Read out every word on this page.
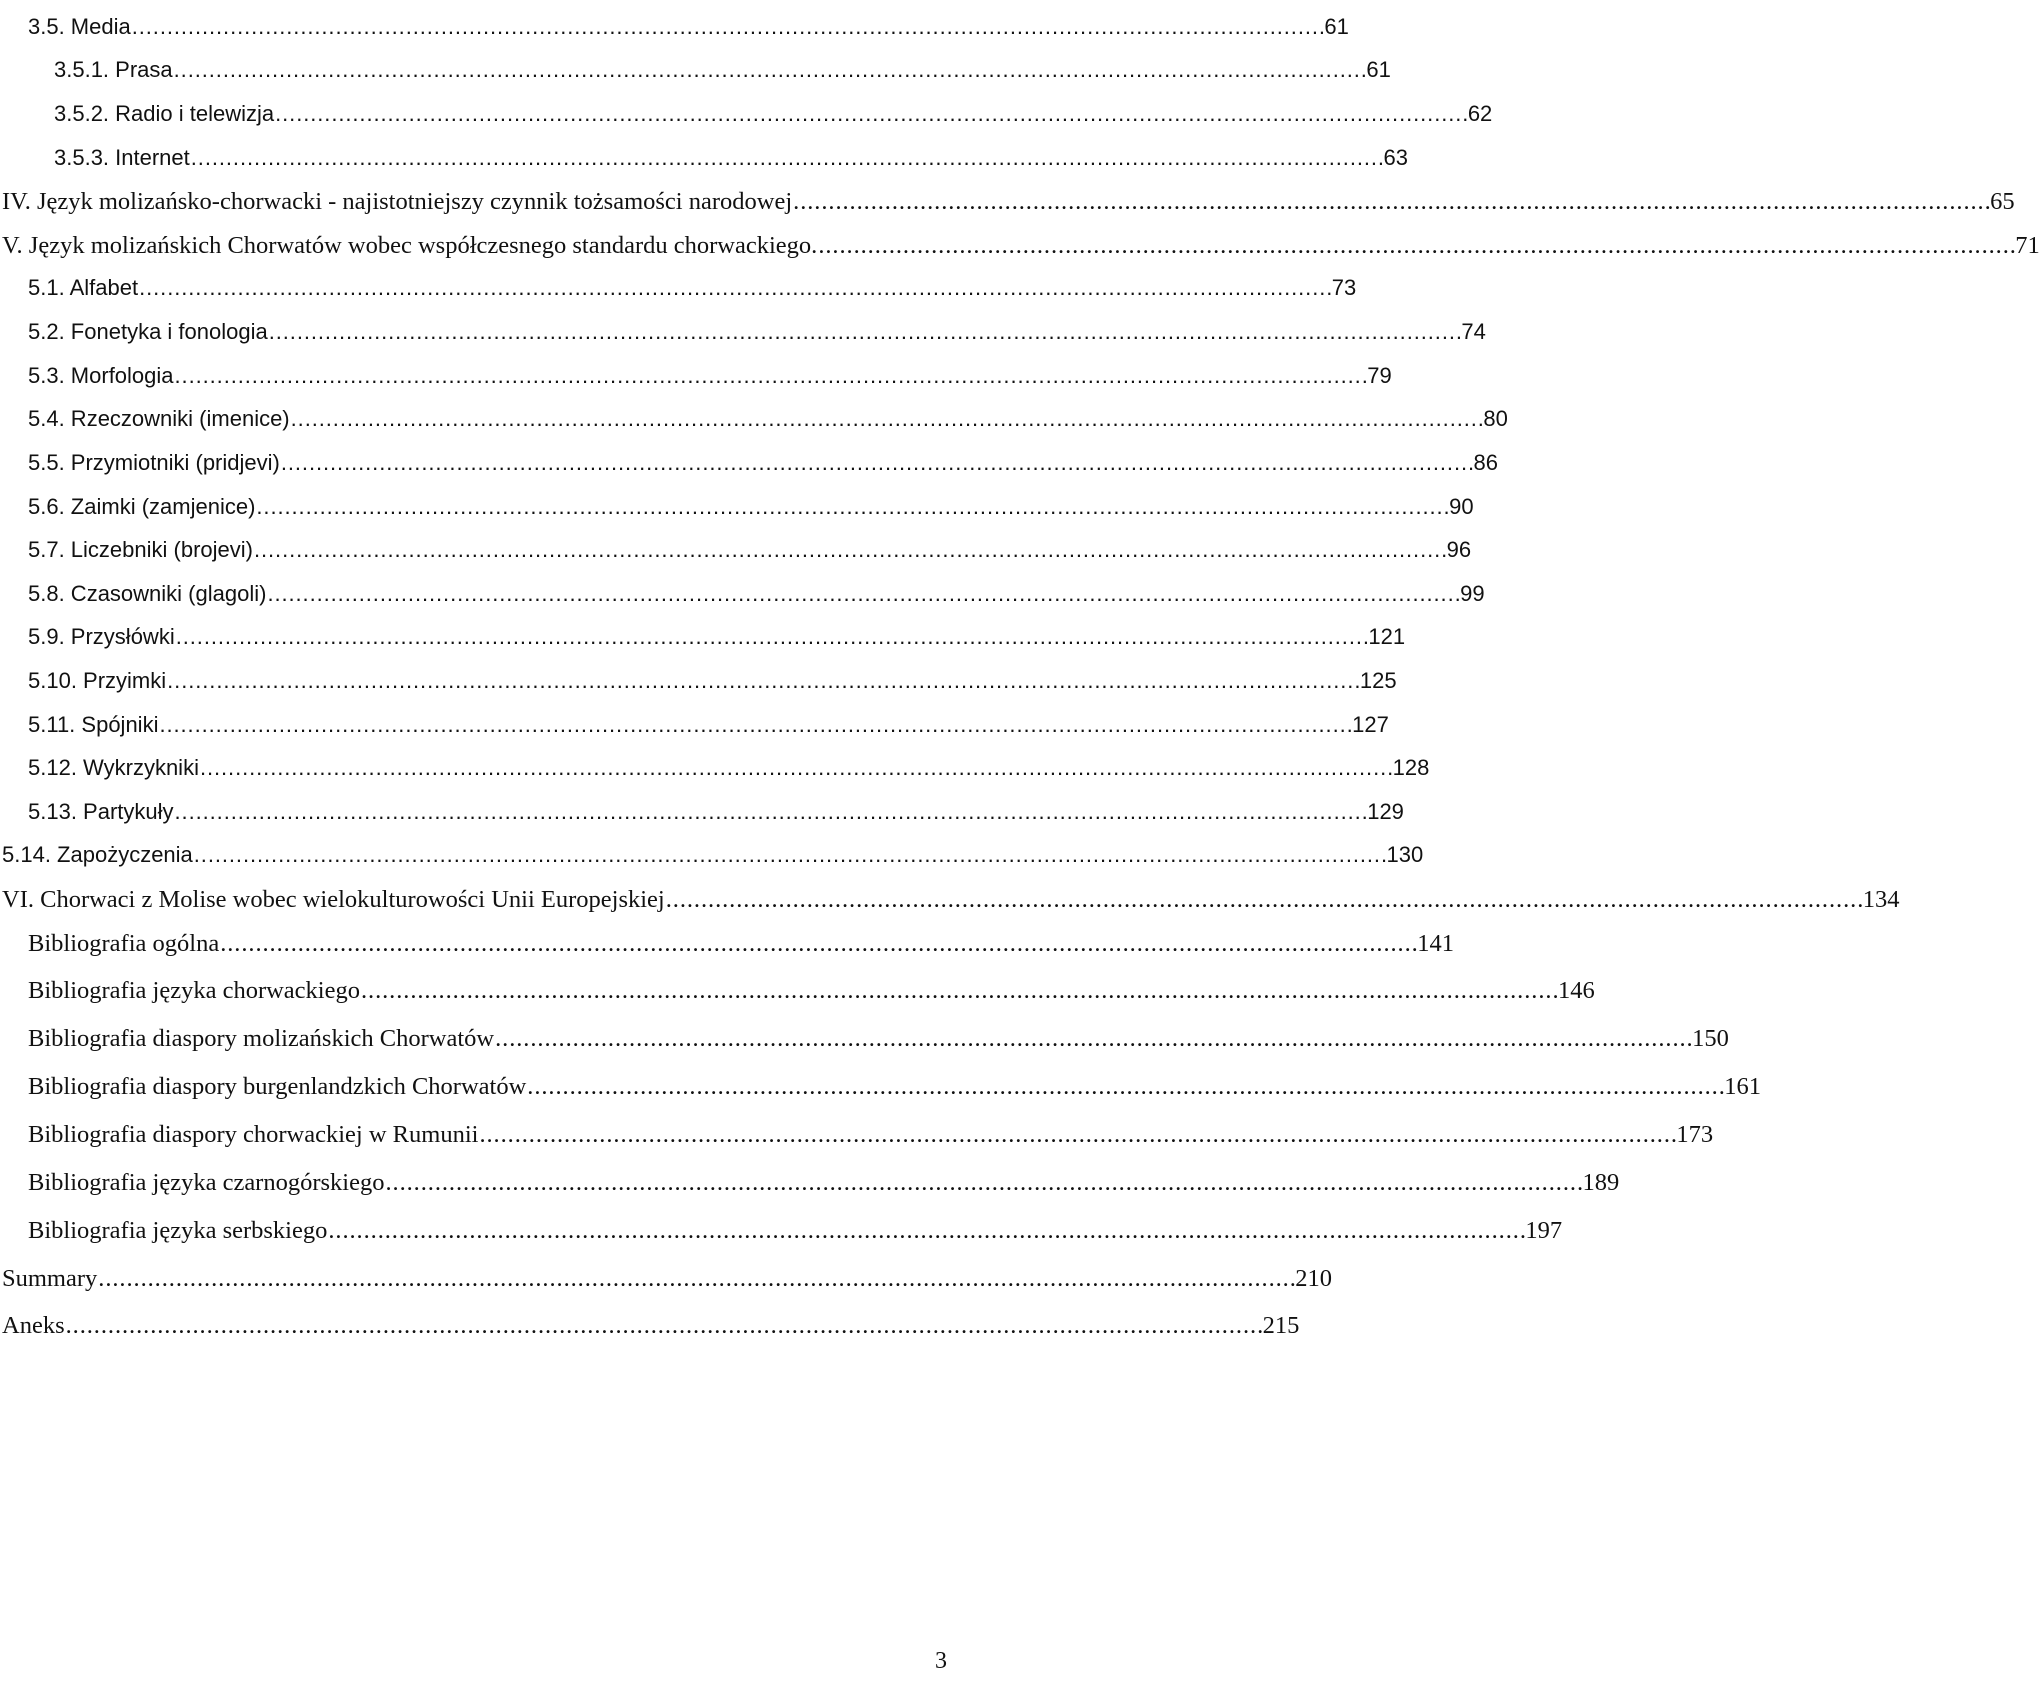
3.5. Media . . .	61
3.5.1. Prasa . . .	61
3.5.2. Radio i telewizja . . .	62
3.5.3. Internet . . .	63
IV. Język molizańsko-chorwacki - najistotniejszy czynnik tożsamości narodowej . . .	65
V. Język molizańskich Chorwatów wobec współczesnego standardu chorwackiego. . . .	71
5.1. Alfabet . . .	73
5.2. Fonetyka i fonologia . . .	74
5.3. Morfologia . . .	79
5.4. Rzeczowniki (imenice) . . .	80
5.5. Przymiotniki (pridjevi) . . .	86
5.6. Zaimki (zamjenice) . . .	90
5.7. Liczebniki (brojevi) . . .	96
5.8. Czasowniki (glagoli) . . .	99
5.9. Przysłówki . . .	121
5.10. Przyimki . . .	125
5.11. Spójniki . . .	127
5.12. Wykrzykniki . . .	128
5.13. Partykuły . . .	129
5.14. Zapożyczenia . . .	130
VI. Chorwaci z Molise wobec wielokulturowości Unii Europejskiej . . .	134
Bibliografia ogólna . . .	141
Bibliografia języka chorwackiego . . .	146
Bibliografia diaspory molizańskich Chorwatów . . .	150
Bibliografia diaspory burgenlandzkich Chorwatów . . .	161
Bibliografia diaspory chorwackiej w Rumunii . . .	173
Bibliografia języka czarnogórskiego . . .	189
Bibliografia języka serbskiego . . .	197
Summary . . .	210
Aneks . . .	215
3
